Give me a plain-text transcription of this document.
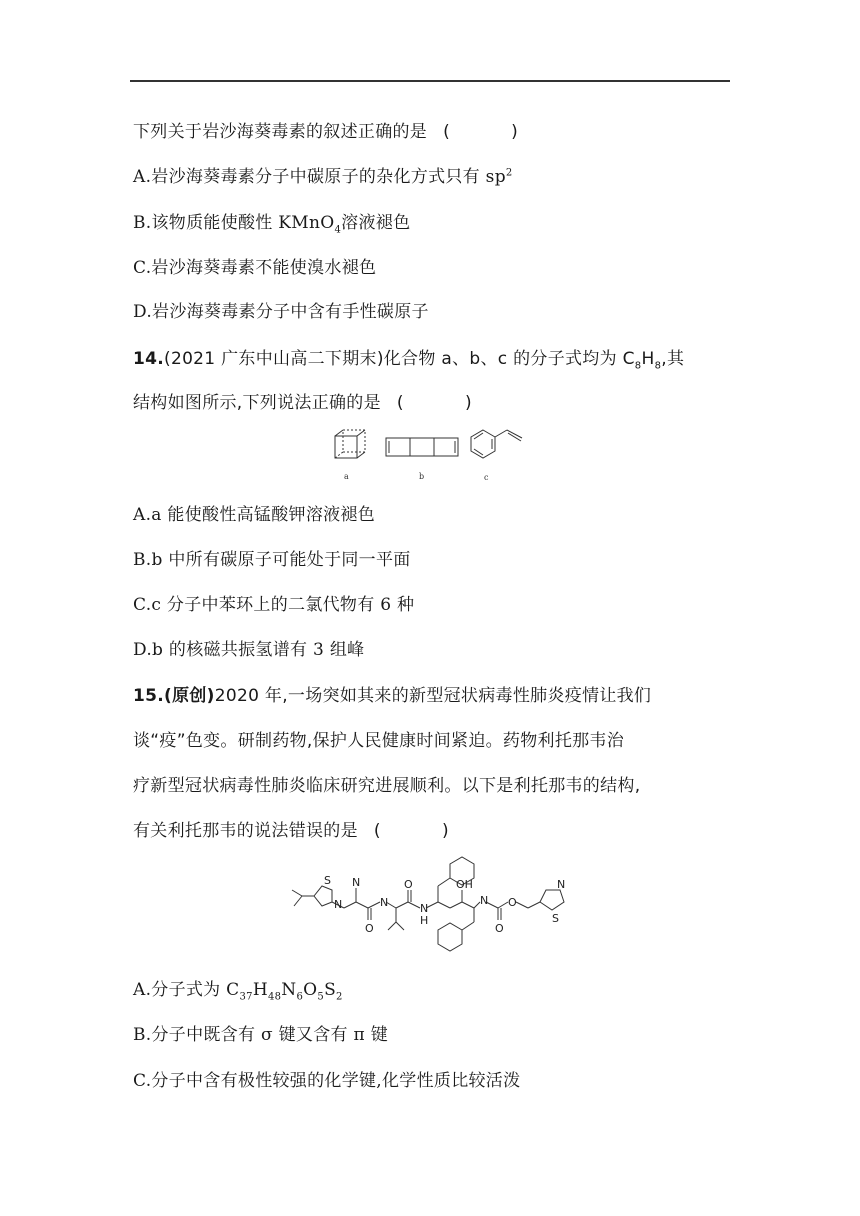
下列关于岩沙海葵毒素的叙述正确的是 ( )
A.岩沙海葵毒素分子中碳原子的杂化方式只有 $sp^2$
B.该物质能使酸性 KMnO$_4$溶液褪色
C.岩沙海葵毒素不能使溴水褪色
D.岩沙海葵毒素分子中含有手性碳原子
14.(2021 广东中山高二下期末)化合物 a、b、c 的分子式均为 $C_8H_8$,其
结构如图所示,下列说法正确的是 ( )
a	b	c
A.a 能使酸性高锰酸钾溶液褪色
B.b 中所有碳原子可能处于同一平面
C.c 分子中苯环上的二氯代物有 6 种
D.b 的核磁共振氢谱有 3 组峰
15.(原创)2020 年,一场突如其来的新型冠状病毒性肺炎疫情让我们
谈“疫”色变。研制药物,保护人民健康时间紧迫。药物利托那韦治
疗新型冠状病毒性肺炎临床研究进展顺利。以下是利托那韦的结构,
有关利托那韦的说法错误的是 ( )
S
N
N
N
O
O
N
H
OH
N
O
O
N
S
A.分子式为 $C_{37}H_{48}N_6O_5S_2$
B.分子中既含有 σ 键又含有 π 键
C.分子中含有极性较强的化学键,化学性质比较活泼
